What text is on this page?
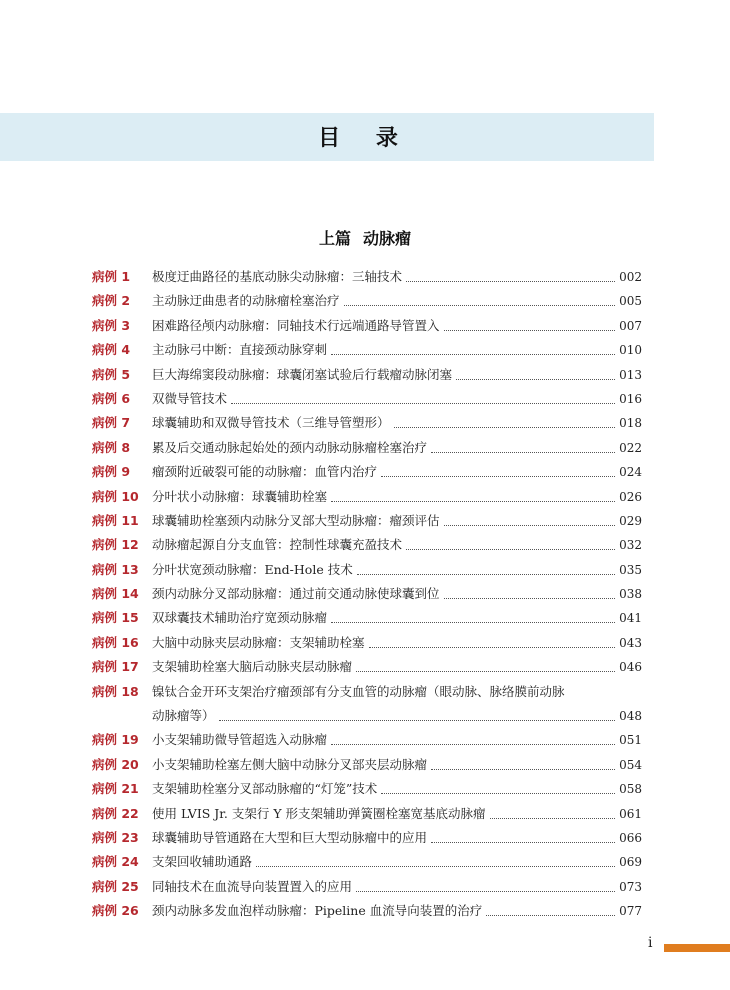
目 录
上篇 动脉瘤
病例 1	极度迂曲路径的基底动脉尖动脉瘤：三轴技术	002
病例 2	主动脉迂曲患者的动脉瘤栓塞治疗	005
病例 3	困难路径颅内动脉瘤：同轴技术行远端通路导管置入	007
病例 4	主动脉弓中断：直接颈动脉穿刺	010
病例 5	巨大海绵窦段动脉瘤：球囊闭塞试验后行载瘤动脉闭塞	013
病例 6	双微导管技术	016
病例 7	球囊辅助和双微导管技术（三维导管塑形）	018
病例 8	累及后交通动脉起始处的颈内动脉动脉瘤栓塞治疗	022
病例 9	瘤颈附近破裂可能的动脉瘤：血管内治疗	024
病例 10	分叶状小动脉瘤：球囊辅助栓塞	026
病例 11	球囊辅助栓塞颈内动脉分叉部大型动脉瘤：瘤颈评估	029
病例 12	动脉瘤起源自分支血管：控制性球囊充盈技术	032
病例 13	分叶状宽颈动脉瘤：End-Hole 技术	035
病例 14	颈内动脉分叉部动脉瘤：通过前交通动脉使球囊到位	038
病例 15	双球囊技术辅助治疗宽颈动脉瘤	041
病例 16	大脑中动脉夹层动脉瘤：支架辅助栓塞	043
病例 17	支架辅助栓塞大脑后动脉夹层动脉瘤	046
病例 18	镍钛合金开环支架治疗瘤颈部有分支血管的动脉瘤（眼动脉、脉络膜前动脉
动脉瘤等）	048
病例 19	小支架辅助微导管超选入动脉瘤	051
病例 20	小支架辅助栓塞左侧大脑中动脉分叉部夹层动脉瘤	054
病例 21	支架辅助栓塞分叉部动脉瘤的“灯笼”技术	058
病例 22	使用 LVIS Jr. 支架行 Y 形支架辅助弹簧圈栓塞宽基底动脉瘤	061
病例 23	球囊辅助导管通路在大型和巨大型动脉瘤中的应用	066
病例 24	支架回收辅助通路	069
病例 25	同轴技术在血流导向装置置入的应用	073
病例 26	颈内动脉多发血泡样动脉瘤：Pipeline 血流导向装置的治疗	077
i
